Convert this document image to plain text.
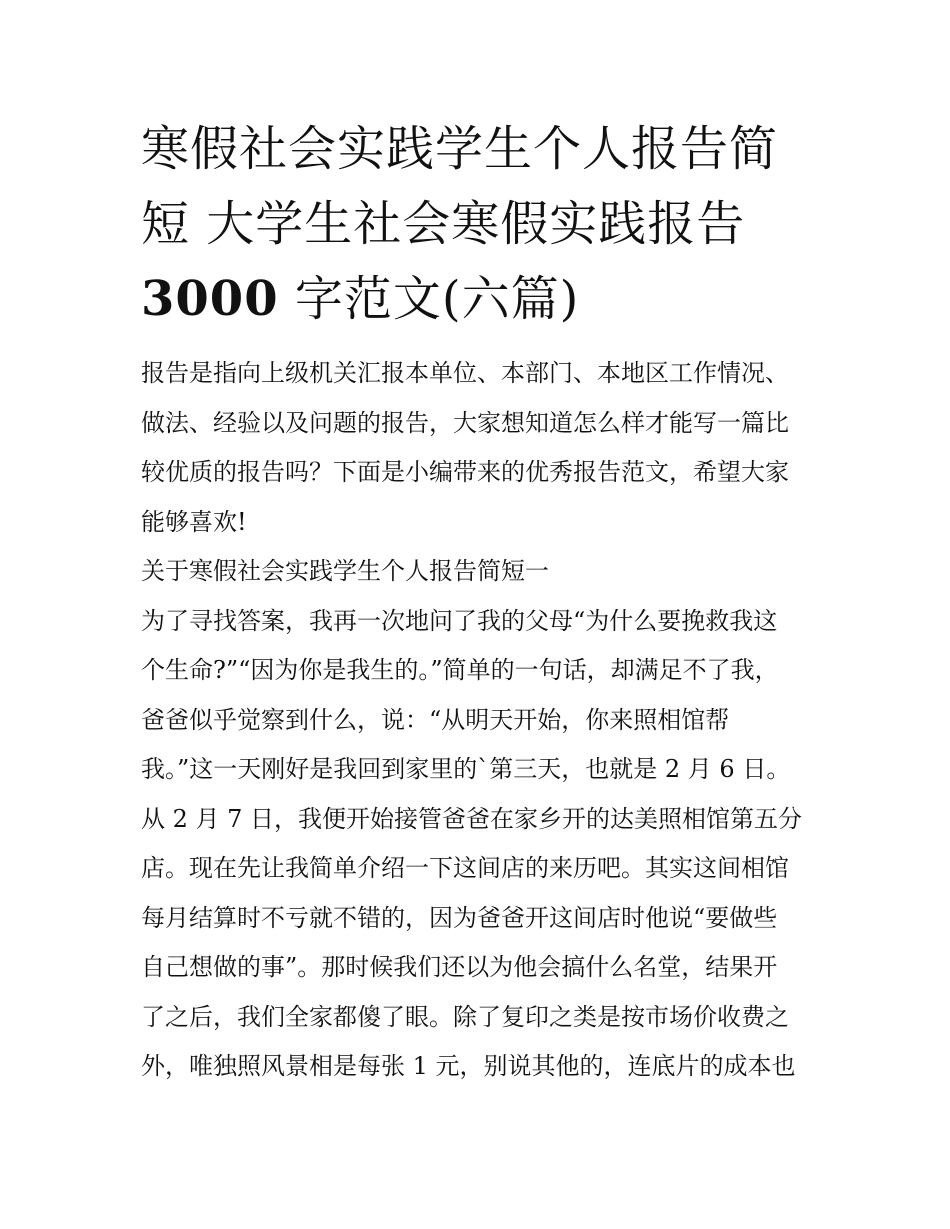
寒假社会实践学生个人报告简
短 大学生社会寒假实践报告
3000 字范文(六篇)

报告是指向上级机关汇报本单位、本部门、本地区工作情况、
做法、经验以及问题的报告，大家想知道怎么样才能写一篇比
较优质的报告吗？下面是小编带来的优秀报告范文，希望大家
能够喜欢!

关于寒假社会实践学生个人报告简短一

为了寻找答案，我再一次地问了我的父母“为什么要挽救我这
个生命?”“因为你是我生的。”简单的一句话，却满足不了我，
爸爸似乎觉察到什么，说：“从明天开始，你来照相馆帮
我。”这一天刚好是我回到家里的`第三天，也就是 2 月 6 日。
从 2 月 7 日，我便开始接管爸爸在家乡开的达美照相馆第五分
店。现在先让我简单介绍一下这间店的来历吧。其实这间相馆
每月结算时不亏就不错的，因为爸爸开这间店时他说“要做些
自己想做的事”。那时候我们还以为他会搞什么名堂，结果开
了之后，我们全家都傻了眼。除了复印之类是按市场价收费之
外，唯独照风景相是每张 1 元，别说其他的，连底片的成本也
